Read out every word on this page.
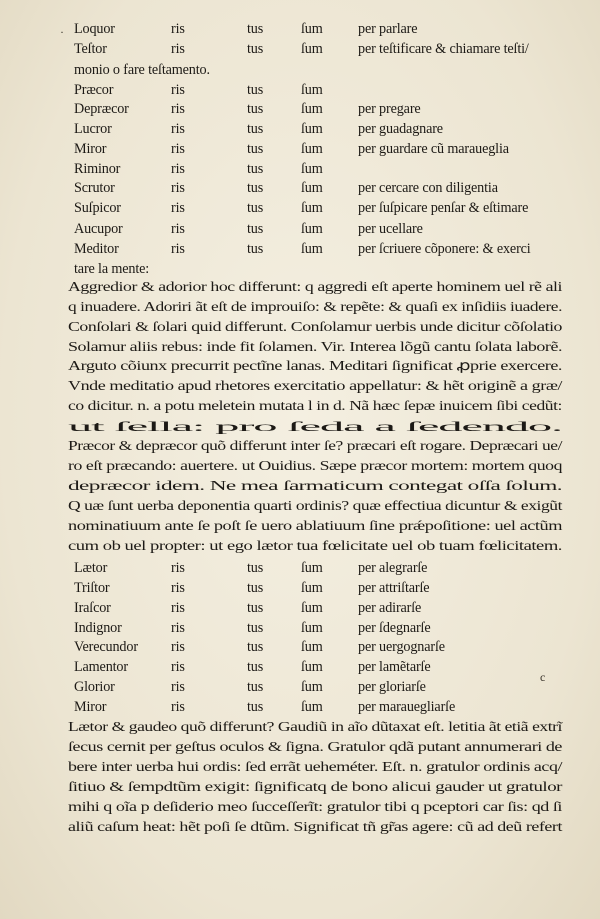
Loquor	ris	tus	ſum per parlare
Teſtor	ris	tus	ſum per teſtificare & chiamare teſti/
monio o fare teſtamento.
Præcor	ris	tus	ſum
Depræcor	ris	tus	ſum per pregare
Lucror	ris	tus	ſum per guadagnare
Miror	ris	tus	ſum per guardare cũ maraueglia
Riminor	ris	tus	ſum
Scrutor	ris	tus	ſum per cercare con diligentia
Suſpicor	ris	tus	ſum per ſuſpicare penſar & eſtimare
Aucupor	ris	tus	ſum per ucellare
Meditor	ris	tus	ſum per ſcriuere cõponere: & exerci
tare la mente:
Aggredior & adorior hoc differunt: q aggredi eſt aperte hominem uel rẽ ali
q inuadere. Adoriri ãt eſt de improuiſo: & repẽte: & quaſi ex inſidiis iuadere.
Conſolari & ſolari quid differunt. Conſolamur uerbis unde dicitur cõſolatio
Solamur aliis rebus: inde fit ſolamen. Vir. Interea lõgũ cantu ſolata laborẽ.
Arguto cõiunx precurrit pectĩne lanas. Meditari ſignificat ꝓprie exercere.
Vnde meditatio apud rhetores exercitatio appellatur: & hẽt originẽ a græ/
co dicitur. n. a potu meletein mutata l in d. Nã hæc ſepæ inuicem ſibi cedũt:
ut ſella: pro ſeda a ſedendo.
Præcor & depræcor quõ differunt inter ſe? præcari eſt rogare. Depræcari ue/
ro eſt præcando: auertere. ut Ouidius. Sæpe præcor mortem: mortem quoq
depræcor idem. Ne mea ſarmaticum contegat oſſa ſolum.
Q uæ ſunt uerba deponentia quarti ordinis? quæ effectiua dicuntur & exigũt
nominatiuum ante ſe poſt ſe uero ablatiuum ſine prǽpoſitione: uel actũm
cum ob uel propter: ut ego lætor tua fœlicitate uel ob tuam fœlicitatem.
Lætor	ris	tus	ſum per alegrarſe
Triſtor	ris	tus	ſum per attriſtarſe
Iraſcor	ris	tus	ſum per adirarſe
Indignor	ris	tus	ſum per ſdegnarſe
Verecundor ris	tus	ſum per uergognarſe
Lamentor	ris	tus	ſum per lamẽtarſe
Glorior	ris	tus	ſum per gloriarſe
Miror	ris	tus	ſum per marauegliarſe
Lætor & gaudeo quõ differunt? Gaudiũ in aĩo dũtaxat eſt. letitia ãt etiã extrĩ
ſecus cernit per geſtus oculos & ſigna. Gratulor qdã putant annumerari de
bere inter uerba hui ordis: ſed errãt ueheméter. Eſt. n. gratulor ordinis acq/
ſitiuo & ſempdtũm exigit: ſignificatq de bono alicui gauder ut gratulor
mihi q oĩa p deſiderio meo ſucceſſerĩt: gratulor tibi q pceptori car ſis: qd ſi
aliũ caſum heat: hẽt poſi ſe dtũm. Significat tñ gr̃as agere: cũ ad deũ refert
·
c
